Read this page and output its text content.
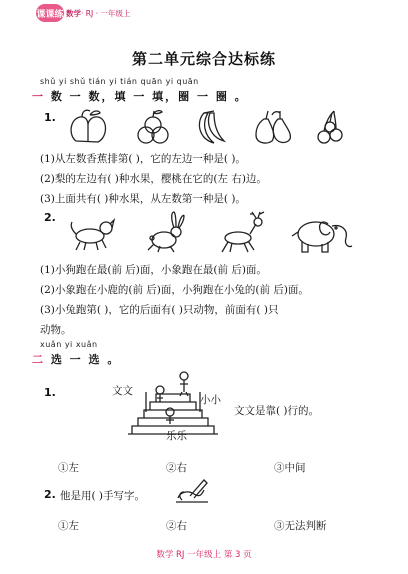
课课练 数学· RJ · 一年级上
第二单元综合达标练
shǔ yi shǔ tián yi tián quān yi quān
一 数 一 数，填 一 填，圈 一 圈 。
1.
(1)从左数香蕉排第( )，它的左边一种是( )。
(2)梨的左边有( )种水果，樱桃在它的(左 右)边。
(3)上面共有( )种水果，从左数第一种是( )。
2.
(1)小狗跑在最(前 后)面，小象跑在最(前 后)面。
(2)小象跑在小鹿的(前 后)面，小狗跑在小兔的(前 后)面。
(3)小兔跑第( )，它的后面有( )只动物，前面有( )只
动物。
xuǎn yi xuǎn
二 选 一 选 。
1.	文文
小小
乐乐
文文是靠( )行的。
①左	②右	③中间
2. 他是用( )手写字。
①左	②右	③无法判断
数学 RJ 一年级上 第 3 页
